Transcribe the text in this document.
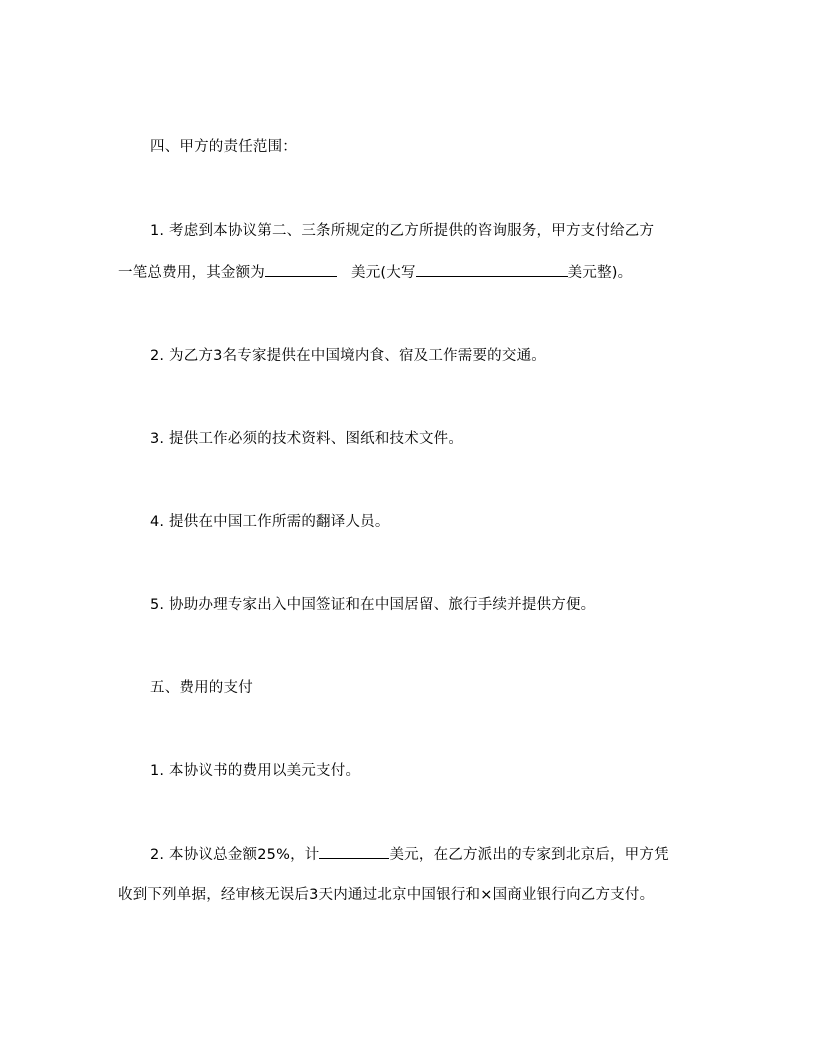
四、甲方的责任范围：
1. 考虑到本协议第二、三条所规定的乙方所提供的咨询服务，甲方支付给乙方
一笔总费用，其金额为	美元(大写	美元整)。
2. 为乙方3名专家提供在中国境内食、宿及工作需要的交通。
3. 提供工作必须的技术资料、图纸和技术文件。
4. 提供在中国工作所需的翻译人员。
5. 协助办理专家出入中国签证和在中国居留、旅行手续并提供方便。
五、费用的支付
1. 本协议书的费用以美元支付。
2. 本协议总金额25%，计	美元，在乙方派出的专家到北京后，甲方凭
收到下列单据，经审核无误后3天内通过北京中国银行和×国商业银行向乙方支付。
